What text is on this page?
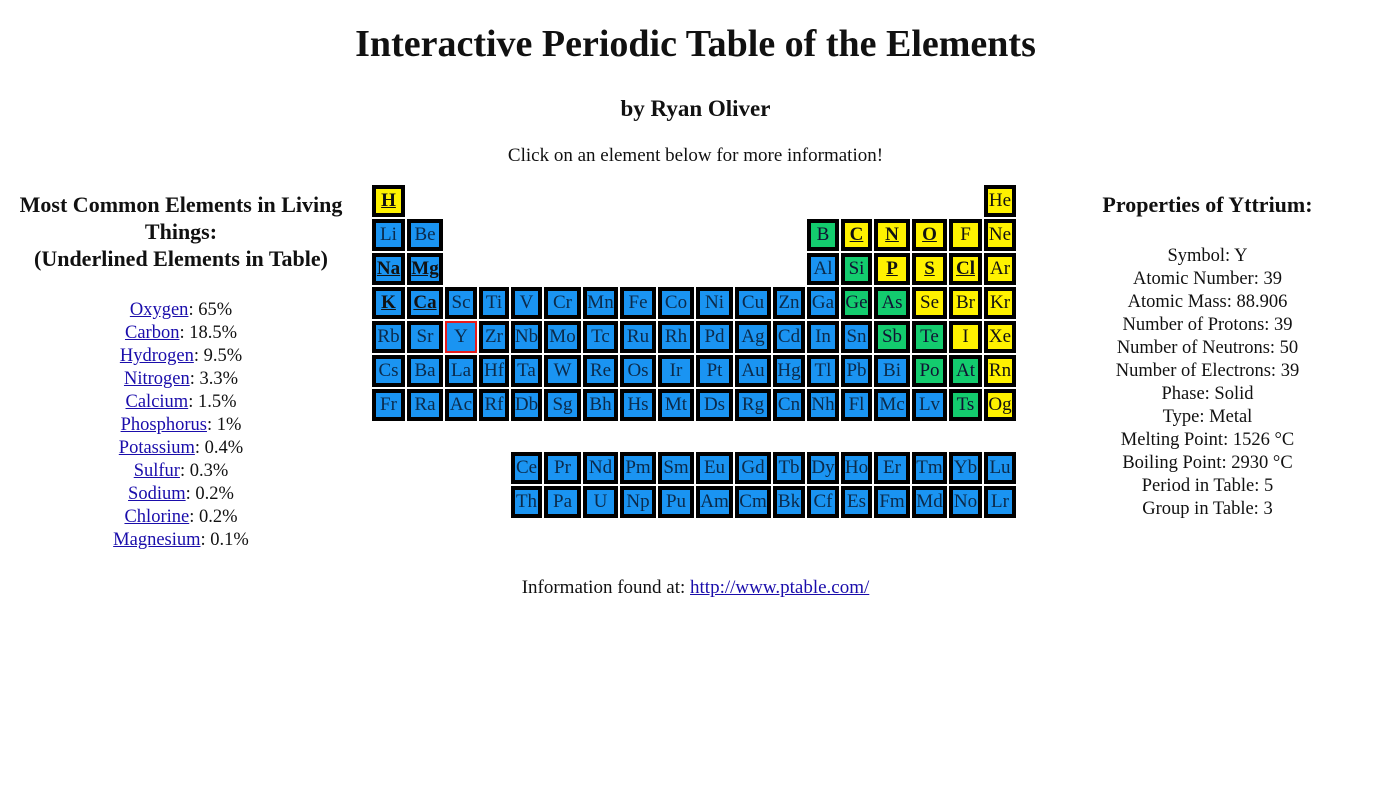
Interactive Periodic Table of the Elements
by Ryan Oliver

Click on an element below for more information!

Most Common Elements in Living Things:
(Underlined Elements in Table)
Oxygen: 65%
Carbon: 18.5%
Hydrogen: 9.5%
Nitrogen: 3.3%
Calcium: 1.5%
Phosphorus: 1%
Potassium: 0.4%
Sulfur: 0.3%
Sodium: 0.2%
Chlorine: 0.2%
Magnesium: 0.1%
H	He
Li Be	B C N O F Ne
Na Mg	Al Si P S Cl Ar
K Ca Sc Ti V Cr Mn Fe Co Ni Cu Zn Ga Ge As Se Br Kr
Rb Sr Y Zr Nb Mo Tc Ru Rh Pd Ag Cd In Sn Sb Te I Xe
Cs Ba La Hf Ta W Re Os Ir Pt Au Hg Tl Pb Bi Po At Rn
Fr Ra Ac Rf Db Sg Bh Hs Mt Ds Rg Cn Nh Fl Mc Lv Ts Og
Ce Pr Nd Pm Sm Eu Gd Tb Dy Ho Er Tm Yb Lu
Th Pa U Np Pu Am Cm Bk Cf Es Fm Md No Lr
Properties of Yttrium:
Symbol: Y
Atomic Number: 39
Atomic Mass: 88.906
Number of Protons: 39
Number of Neutrons: 50
Number of Electrons: 39
Phase: Solid
Type: Metal
Melting Point: 1526 °C
Boiling Point: 2930 °C
Period in Table: 5
Group in Table: 3
Information found at: http://www.ptable.com/
